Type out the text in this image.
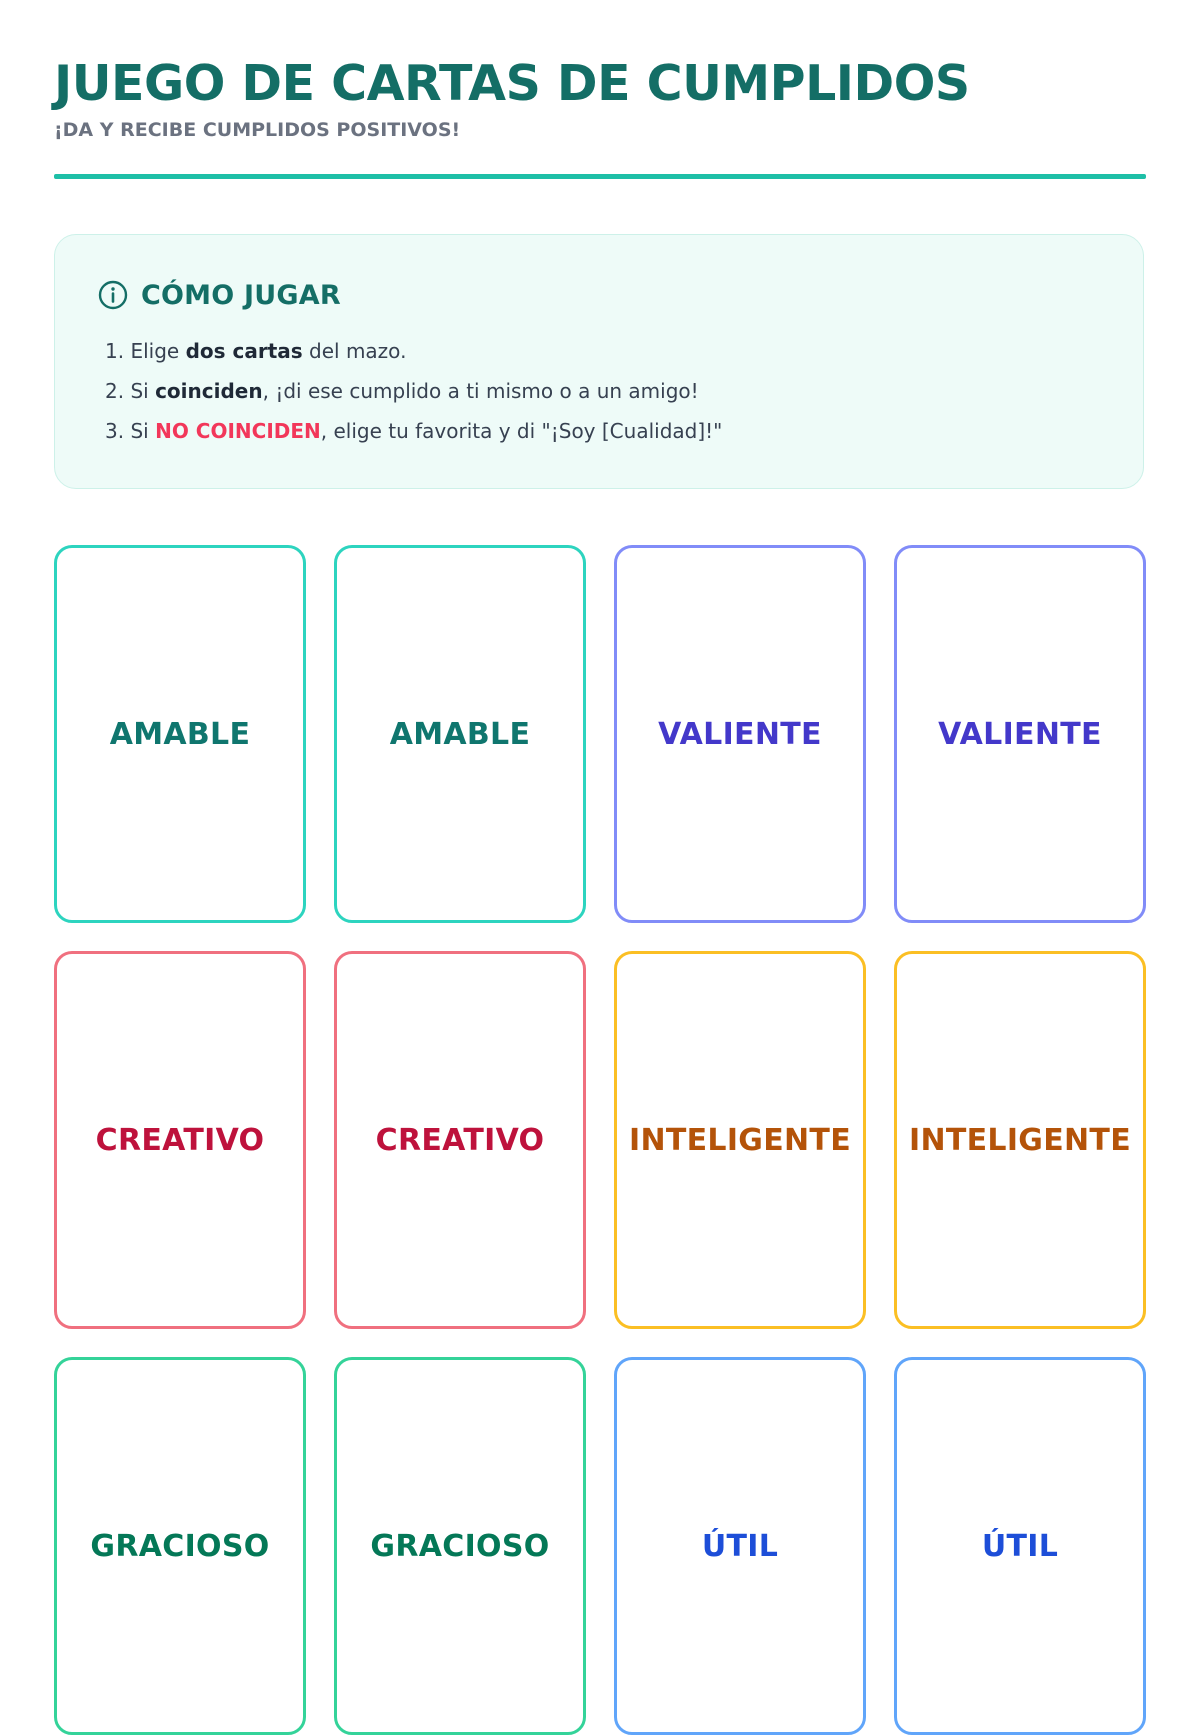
JUEGO DE CARTAS DE CUMPLIDOS

¡DA Y RECIBE CUMPLIDOS POSITIVOS!

CÓMO JUGAR
1. Elige dos cartas del mazo.
2. Si coinciden, ¡di ese cumplido a ti mismo o a un amigo!
3. Si NO COINCIDEN, elige tu favorita y di "¡Soy [Cualidad]!"
AMABLE	AMABLE	VALIENTE	VALIENTE
CREATIVO	CREATIVO	INTELIGENTE INTELIGENTE
GRACIOSO	GRACIOSO	ÚTIL	ÚTIL
